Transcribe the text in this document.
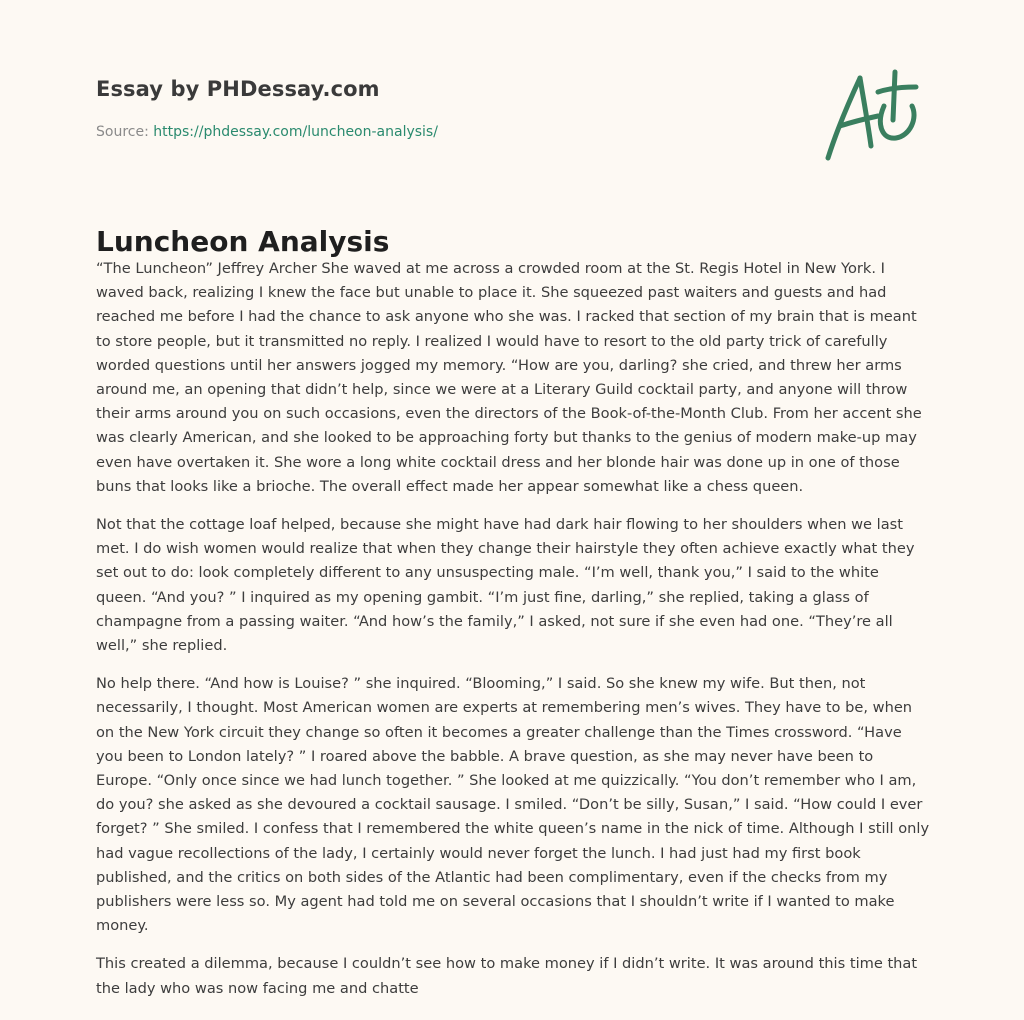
Essay by PHDessay.com
Source: https://phdessay.com/luncheon-analysis/
Luncheon Analysis

“The Luncheon” Jeffrey Archer She waved at me across a crowded room at the St. Regis Hotel in New York. I waved back, realizing I knew the face but unable to place it. She squeezed past waiters and guests and had reached me before I had the chance to ask anyone who she was. I racked that section of my brain that is meant to store people, but it transmitted no reply. I realized I would have to resort to the old party trick of carefully worded questions until her answers jogged my memory. “How are you, darling? she cried, and threw her arms around me, an opening that didn’t help, since we were at a Literary Guild cocktail party, and anyone will throw their arms around you on such occasions, even the directors of the Book-of-the-Month Club. From her accent she was clearly American, and she looked to be approaching forty but thanks to the genius of modern make-up may even have overtaken it. She wore a long white cocktail dress and her blonde hair was done up in one of those buns that looks like a brioche. The overall effect made her appear somewhat like a chess queen.

Not that the cottage loaf helped, because she might have had dark hair flowing to her shoulders when we last met. I do wish women would realize that when they change their hairstyle they often achieve exactly what they set out to do: look completely different to any unsuspecting male. “I’m well, thank you,” I said to the white queen. “And you? ” I inquired as my opening gambit. “I’m just fine, darling,” she replied, taking a glass of champagne from a passing waiter. “And how’s the family,” I asked, not sure if she even had one. “They’re all well,” she replied.

No help there. “And how is Louise? ” she inquired. “Blooming,” I said. So she knew my wife. But then, not necessarily, I thought. Most American women are experts at remembering men’s wives. They have to be, when on the New York circuit they change so often it becomes a greater challenge than the Times crossword. “Have you been to London lately? ” I roared above the babble. A brave question, as she may never have been to Europe. “Only once since we had lunch together. ” She looked at me quizzically. “You don’t remember who I am, do you? she asked as she devoured a cocktail sausage. I smiled. “Don’t be silly, Susan,” I said. “How could I ever forget? ” She smiled. I confess that I remembered the white queen’s name in the nick of time. Although I still only had vague recollections of the lady, I certainly would never forget the lunch. I had just had my first book published, and the critics on both sides of the Atlantic had been complimentary, even if the checks from my publishers were less so. My agent had told me on several occasions that I shouldn’t write if I wanted to make money.

This created a dilemma, because I couldn’t see how to make money if I didn’t write. It was around this time that the lady who was now facing me and chatte
